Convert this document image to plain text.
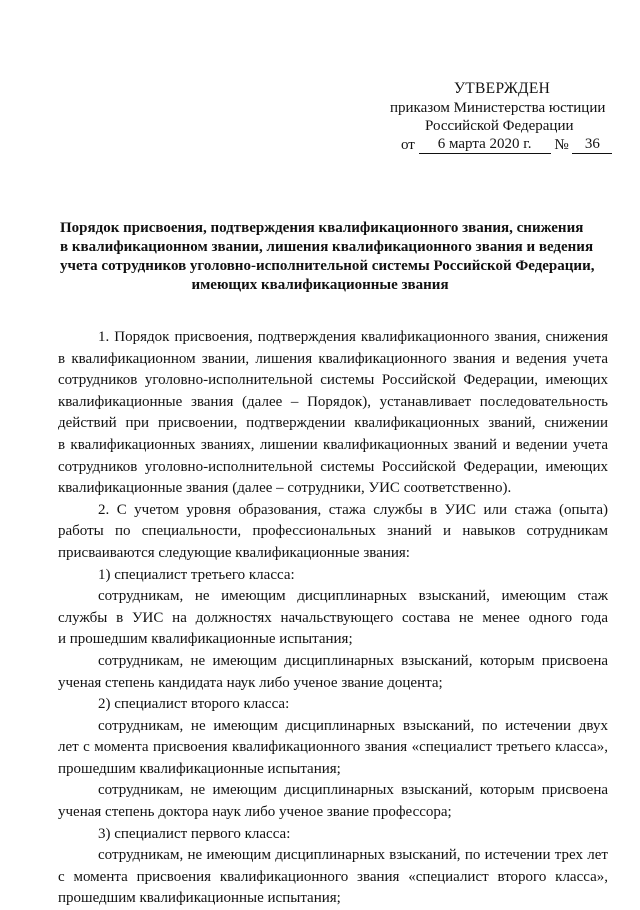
УТВЕРЖДЕН
приказом Министерства юстиции
Российской Федерации
от 6 марта 2020 г. № 36
Порядок присвоения, подтверждения квалификационного звания, снижения
в квалификационном звании, лишения квалификационного звания и ведения
учета сотрудников уголовно-исполнительной системы Российской Федерации,
имеющих квалификационные звания
1. Порядок присвоения, подтверждения квалификационного звания, снижения
в квалификационном звании, лишения квалификационного звания и ведения учета
сотрудников уголовно-исполнительной системы Российской Федерации, имеющих
квалификационные звания (далее – Порядок), устанавливает последовательность
действий при присвоении, подтверждении квалификационных званий, снижении
в квалификационных званиях, лишении квалификационных званий и ведении учета
сотрудников уголовно-исполнительной системы Российской Федерации, имеющих
квалификационные звания (далее – сотрудники, УИС соответственно).
2. С учетом уровня образования, стажа службы в УИС или стажа (опыта)
работы по специальности, профессиональных знаний и навыков сотрудникам
присваиваются следующие квалификационные звания:
1) специалист третьего класса:
сотрудникам, не имеющим дисциплинарных взысканий, имеющим стаж
службы в УИС на должностях начальствующего состава не менее одного года
и прошедшим квалификационные испытания;
сотрудникам, не имеющим дисциплинарных взысканий, которым присвоена
ученая степень кандидата наук либо ученое звание доцента;
2) специалист второго класса:
сотрудникам, не имеющим дисциплинарных взысканий, по истечении двух
лет с момента присвоения квалификационного звания «специалист третьего класса»,
прошедшим квалификационные испытания;
сотрудникам, не имеющим дисциплинарных взысканий, которым присвоена
ученая степень доктора наук либо ученое звание профессора;
3) специалист первого класса:
сотрудникам, не имеющим дисциплинарных взысканий, по истечении трех лет
с момента присвоения квалификационного звания «специалист второго класса»,
прошедшим квалификационные испытания;
